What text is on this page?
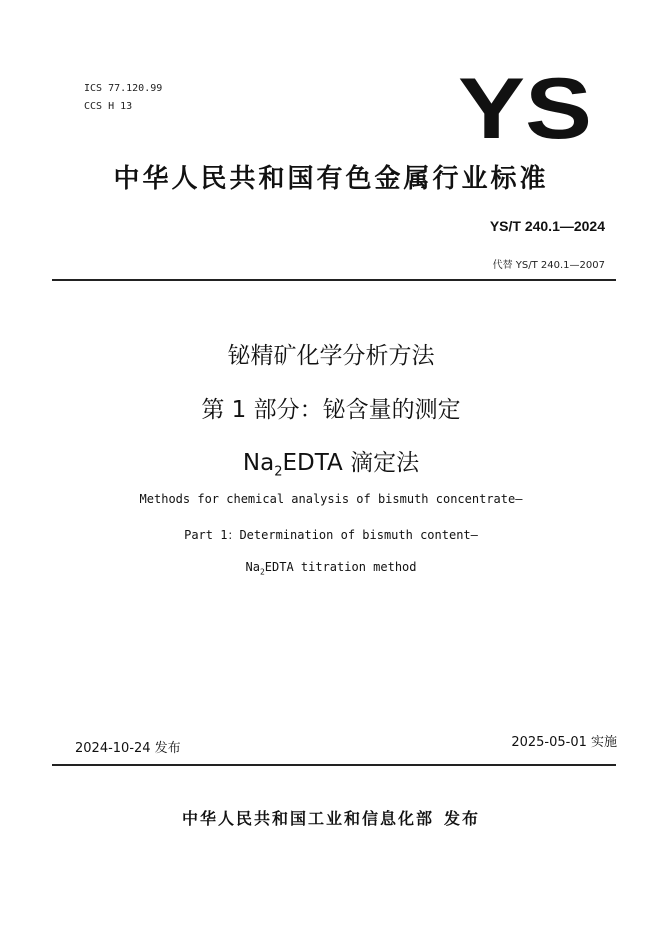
ICS 77.120.99
CCS H 13	YS
中华人民共和国有色金属行业标准
YS/T 240.1—2024
代替 YS/T 240.1—2007
铋精矿化学分析方法
第 1 部分：铋含量的测定
$Na_2EDTA$ 滴定法
Methods for chemical analysis of bismuth concentrate—
Part 1：Determination of bismuth content—
$Na_2EDTA$ titration method
2024-10-24 发布	2025-05-01 实施
中华人民共和国工业和信息化部 发布
